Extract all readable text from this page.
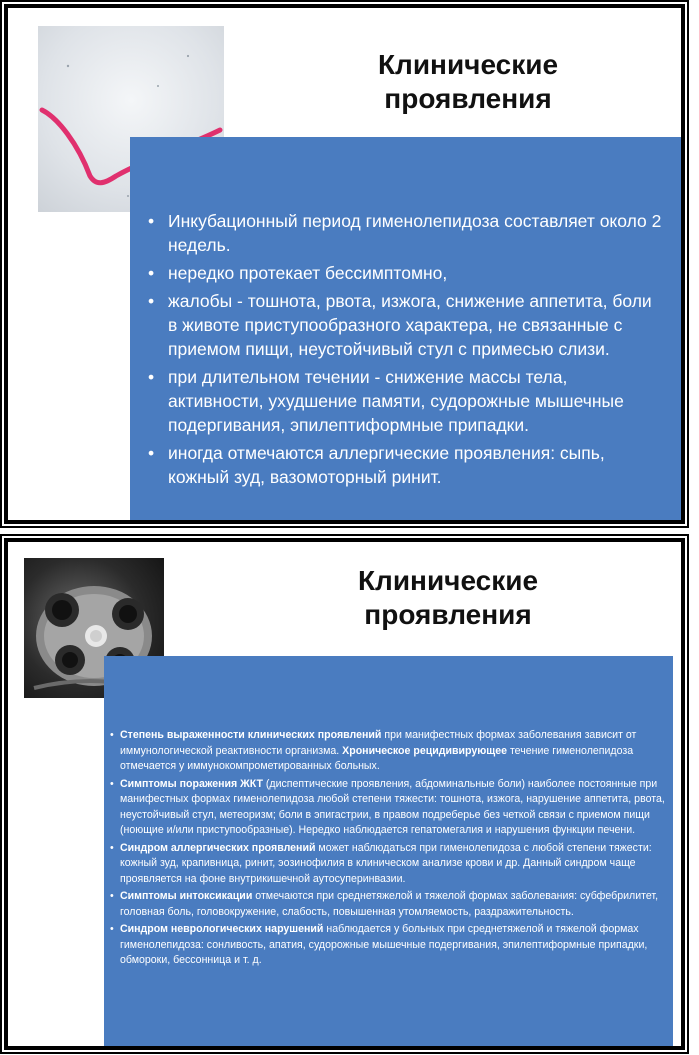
Клинические
проявления
• Инкубационный период гименолепидоза составляет около 2 недель.
• нередко протекает бессимптомно,
• жалобы - тошнота, рвота, изжога, снижение аппетита, боли в животе приступообразного характера, не связанные с приемом пищи, неустойчивый стул с примесью слизи.
• при длительном течении - снижение массы тела, активности, ухудшение памяти, судорожные мышечные подергивания, эпилептиформные припадки.
• иногда отмечаются аллергические проявления: сыпь, кожный зуд, вазомоторный ринит.
Клинические
проявления
• Степень выраженности клинических проявлений при манифестных формах заболевания зависит от иммунологической реактивности организма. Хроническое рецидивирующее течение гименолепидоза отмечается у иммунокомпрометированных больных.
• Симптомы поражения ЖКТ (диспептические проявления, абдоминальные боли) наиболее постоянные при манифестных формах гименолепидоза любой степени тяжести: тошнота, изжога, нарушение аппетита, рвота, неустойчивый стул, метеоризм; боли в эпигастрии, в правом подреберье без четкой связи с приемом пищи (ноющие и/или приступообразные). Нередко наблюдается гепатомегалия и нарушения функции печени.
• Синдром аллергических проявлений может наблюдаться при гименолепидоза с любой степени тяжести: кожный зуд, крапивница, ринит, эозинофилия в клиническом анализе крови и др. Данный синдром чаще проявляется на фоне внутрикишечной аутосуперинвазии.
• Симптомы интоксикации отмечаются при среднетяжелой и тяжелой формах заболевания: субфебрилитет, головная боль, головокружение, слабость, повышенная утомляемость, раздражительность.
• Синдром неврологических нарушений наблюдается у больных при среднетяжелой и тяжелой формах гименолепидоза: сонливость, апатия, судорожные мышечные подергивания, эпилептиформные припадки, обмороки, бессонница и т. д.
